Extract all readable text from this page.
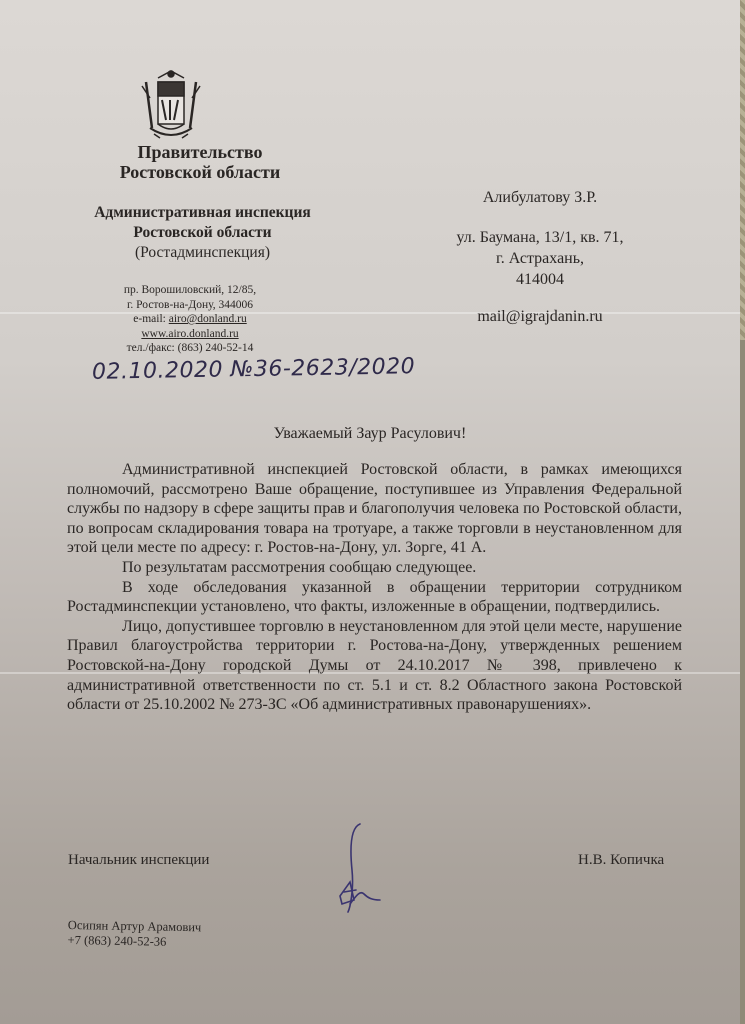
Правительство
Ростовской области
Административная инспекция
Ростовской области
(Ростадминспекция)
пр. Ворошиловский, 12/85,
г. Ростов-на-Дону, 344006
e-mail: airo@donland.ru
www.airo.donland.ru
тел./факс: (863) 240-52-14
Алибулатову З.Р.
ул. Баумана, 13/1, кв. 71,
г. Астрахань,
414004
mail@igrajdanin.ru
02.10.2020 №36-2623/2020
Уважаемый Заур Расулович!

Административной инспекцией Ростовской области, в рамках имеющихся полномочий, рассмотрено Ваше обращение, поступившее из Управления Федеральной службы по надзору в сфере защиты прав и благополучия человека по Ростовской области, по вопросам складирования товара на тротуаре, а также торговли в неустановленном для этой цели месте по адресу: г. Ростов-на-Дону, ул. Зорге, 41 А.

По результатам рассмотрения сообщаю следующее.

В ходе обследования указанной в обращении территории сотрудником Ростадминспекции установлено, что факты, изложенные в обращении, подтвердились.

Лицо, допустившее торговлю в неустановленном для этой цели месте, нарушение Правил благоустройства территории г. Ростова-на-Дону, утвержденных решением Ростовской-на-Дону городской Думы от 24.10.2017 № 398, привлечено к административной ответственности по ст. 5.1 и ст. 8.2 Областного закона Ростовской области от 25.10.2002 № 273-ЗС «Об административных правонарушениях».

Начальник инспекции	Н.В. Копичка
Осипян Артур Арамович
+7 (863) 240-52-36
